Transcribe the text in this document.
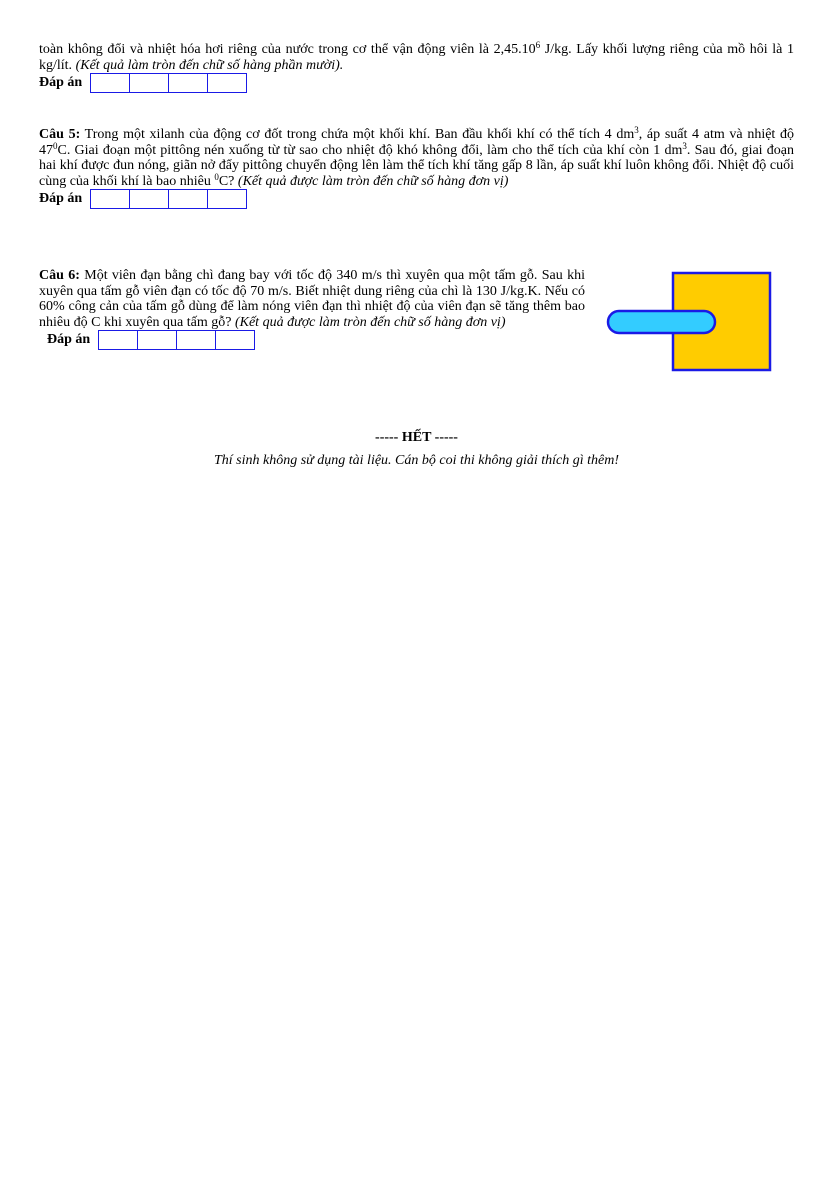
toàn không đổi và nhiệt hóa hơi riêng của nước trong cơ thể vận động viên là 2,45.10$^6$ J/kg. Lấy khối lượng riêng của mồ hôi là 1 kg/lít. (Kết quả làm tròn đến chữ số hàng phần mười).

Đáp án

Câu 5: Trong một xilanh của động cơ đốt trong chứa một khối khí. Ban đầu khối khí có thể tích 4 $dm^3$, áp suất 4 atm và nhiệt độ $47^0C$. Giai đoạn một pittông nén xuống từ từ sao cho nhiệt độ khó không đổi, làm cho thể tích của khí còn 1 $dm^3$. Sau đó, giai đoạn hai khí được đun nóng, giãn nở đẩy pittông chuyển động lên làm thể tích khí tăng gấp 8 lần, áp suất khí luôn không đổi. Nhiệt độ cuối cùng của khối khí là bao nhiêu $^0$C? (Kết quả được làm tròn đến chữ số hàng đơn vị)

Đáp án

Câu 6: Một viên đạn bằng chì đang bay với tốc độ 340 m/s thì xuyên qua một tấm gỗ. Sau khi xuyên qua tấm gỗ viên đạn có tốc độ 70 m/s. Biết nhiệt dung riêng của chì là 130 J/kg.K. Nếu có 60% công cản của tấm gỗ dùng để làm nóng viên đạn thì nhiệt độ của viên đạn sẽ tăng thêm bao nhiêu độ C khi xuyên qua tấm gỗ? (Kết quả được làm tròn đến chữ số hàng đơn vị)

Đáp án
----- HẾT -----
Thí sinh không sử dụng tài liệu. Cán bộ coi thi không giải thích gì thêm!
